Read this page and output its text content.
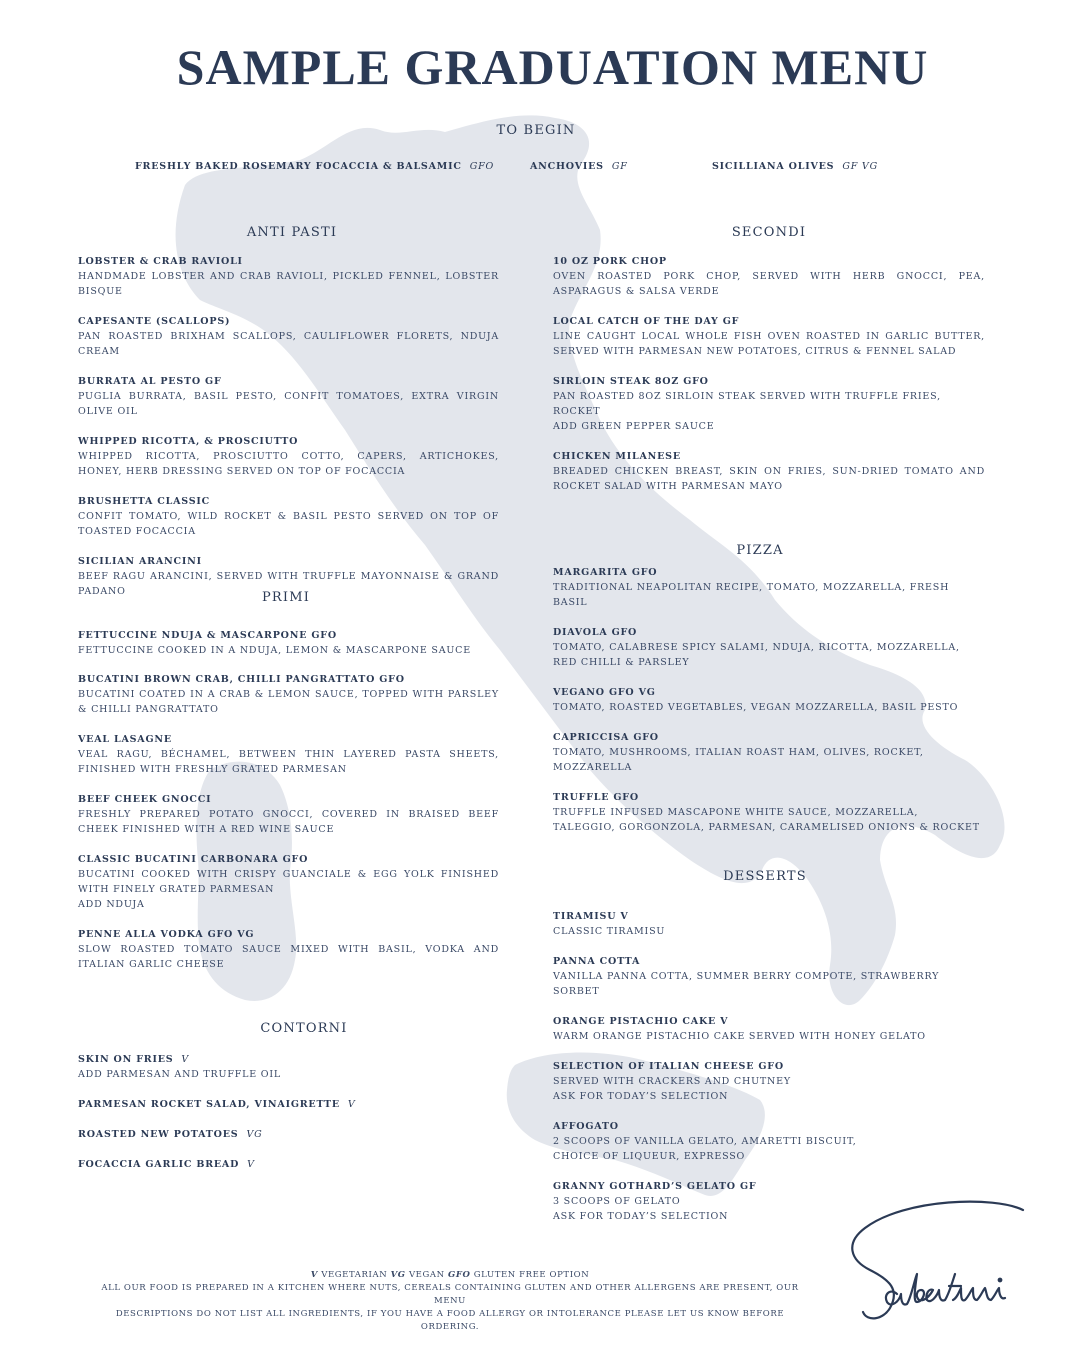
SAMPLE GRADUATION MENU
TO BEGIN
FRESHLY BAKED ROSEMARY FOCACCIA & BALSAMIC GFO	ANCHOVIES GF	SICILLIANA OLIVES GF VG
ANTI PASTI
LOBSTER & CRAB RAVIOLI
HANDMADE LOBSTER AND CRAB RAVIOLI, PICKLED FENNEL, LOBSTER BISQUE
CAPESANTE (SCALLOPS)
PAN ROASTED BRIXHAM SCALLOPS, CAULIFLOWER FLORETS, NDUJA CREAM
BURRATA AL PESTO GF
PUGLIA BURRATA, BASIL PESTO, CONFIT TOMATOES, EXTRA VIRGIN OLIVE OIL
WHIPPED RICOTTA, & PROSCIUTTO
WHIPPED RICOTTA, PROSCIUTTO COTTO, CAPERS, ARTICHOKES, HONEY, HERB DRESSING SERVED ON TOP OF FOCACCIA
BRUSHETTA CLASSIC
CONFIT TOMATO, WILD ROCKET & BASIL PESTO SERVED ON TOP OF TOASTED FOCACCIA
SICILIAN ARANCINI
BEEF RAGU ARANCINI, SERVED WITH TRUFFLE MAYONNAISE & GRAND PADANO	PRIMI
FETTUCCINE NDUJA & MASCARPONE GFO
FETTUCCINE COOKED IN A NDUJA, LEMON & MASCARPONE SAUCE
BUCATINI BROWN CRAB, CHILLI PANGRATTATO GFO
BUCATINI COATED IN A CRAB & LEMON SAUCE, TOPPED WITH PARSLEY & CHILLI PANGRATTATO
VEAL LASAGNE
VEAL RAGU, BÉCHAMEL, BETWEEN THIN LAYERED PASTA SHEETS, FINISHED WITH FRESHLY GRATED PARMESAN
BEEF CHEEK GNOCCI
FRESHLY PREPARED POTATO GNOCCI, COVERED IN BRAISED BEEF CHEEK FINISHED WITH A RED WINE SAUCE
CLASSIC BUCATINI CARBONARA GFO
BUCATINI COOKED WITH CRISPY GUANCIALE & EGG YOLK FINISHED WITH FINELY GRATED PARMESAN
ADD NDUJA
PENNE ALLA VODKA GFO VG
SLOW ROASTED TOMATO SAUCE MIXED WITH BASIL, VODKA AND ITALIAN GARLIC CHEESE
CONTORNI
SKIN ON FRIES V
ADD PARMESAN AND TRUFFLE OIL
PARMESAN ROCKET SALAD, VINAIGRETTE V
ROASTED NEW POTATOES VG
FOCACCIA GARLIC BREAD V
SECONDI
10 OZ PORK CHOP
OVEN ROASTED PORK CHOP, SERVED WITH HERB GNOCCI, PEA, ASPARAGUS & SALSA VERDE
LOCAL CATCH OF THE DAY GF
LINE CAUGHT LOCAL WHOLE FISH OVEN ROASTED IN GARLIC BUTTER, SERVED WITH PARMESAN NEW POTATOES, CITRUS & FENNEL SALAD
SIRLOIN STEAK 8OZ GFO
PAN ROASTED 8OZ SIRLOIN STEAK SERVED WITH TRUFFLE FRIES, ROCKET
ADD GREEN PEPPER SAUCE
CHICKEN MILANESE
BREADED CHICKEN BREAST, SKIN ON FRIES, SUN-DRIED TOMATO AND ROCKET SALAD WITH PARMESAN MAYO
PIZZA
MARGARITA GFO
TRADITIONAL NEAPOLITAN RECIPE, TOMATO, MOZZARELLA, FRESH BASIL
DIAVOLA GFO
TOMATO, CALABRESE SPICY SALAMI, NDUJA, RICOTTA, MOZZARELLA,
RED CHILLI & PARSLEY
VEGANO GFO VG
TOMATO, ROASTED VEGETABLES, VEGAN MOZZARELLA, BASIL PESTO
CAPRICCISA GFO
TOMATO, MUSHROOMS, ITALIAN ROAST HAM, OLIVES, ROCKET, MOZZARELLA
TRUFFLE GFO
TRUFFLE INFUSED MASCAPONE WHITE SAUCE, MOZZARELLA,
TALEGGIO, GORGONZOLA, PARMESAN, CARAMELISED ONIONS & ROCKET
DESSERTS
TIRAMISU V
CLASSIC TIRAMISU
PANNA COTTA
VANILLA PANNA COTTA, SUMMER BERRY COMPOTE, STRAWBERRY SORBET
ORANGE PISTACHIO CAKE V
WARM ORANGE PISTACHIO CAKE SERVED WITH HONEY GELATO
SELECTION OF ITALIAN CHEESE GFO
SERVED WITH CRACKERS AND CHUTNEY
ASK FOR TODAY’S SELECTION
AFFOGATO
2 SCOOPS OF VANILLA GELATO, AMARETTI BISCUIT,
CHOICE OF LIQUEUR, EXPRESSO
GRANNY GOTHARD’S GELATO GF
3 SCOOPS OF GELATO
ASK FOR TODAY’S SELECTION
V VEGETARIAN VG VEGAN GFO GLUTEN FREE OPTION
ALL OUR FOOD IS PREPARED IN A KITCHEN WHERE NUTS, CEREALS CONTAINING GLUTEN AND OTHER ALLERGENS ARE PRESENT, OUR MENU
DESCRIPTIONS DO NOT LIST ALL INGREDIENTS, IF YOU HAVE A FOOD ALLERGY OR INTOLERANCE PLEASE LET US KNOW BEFORE ORDERING.
